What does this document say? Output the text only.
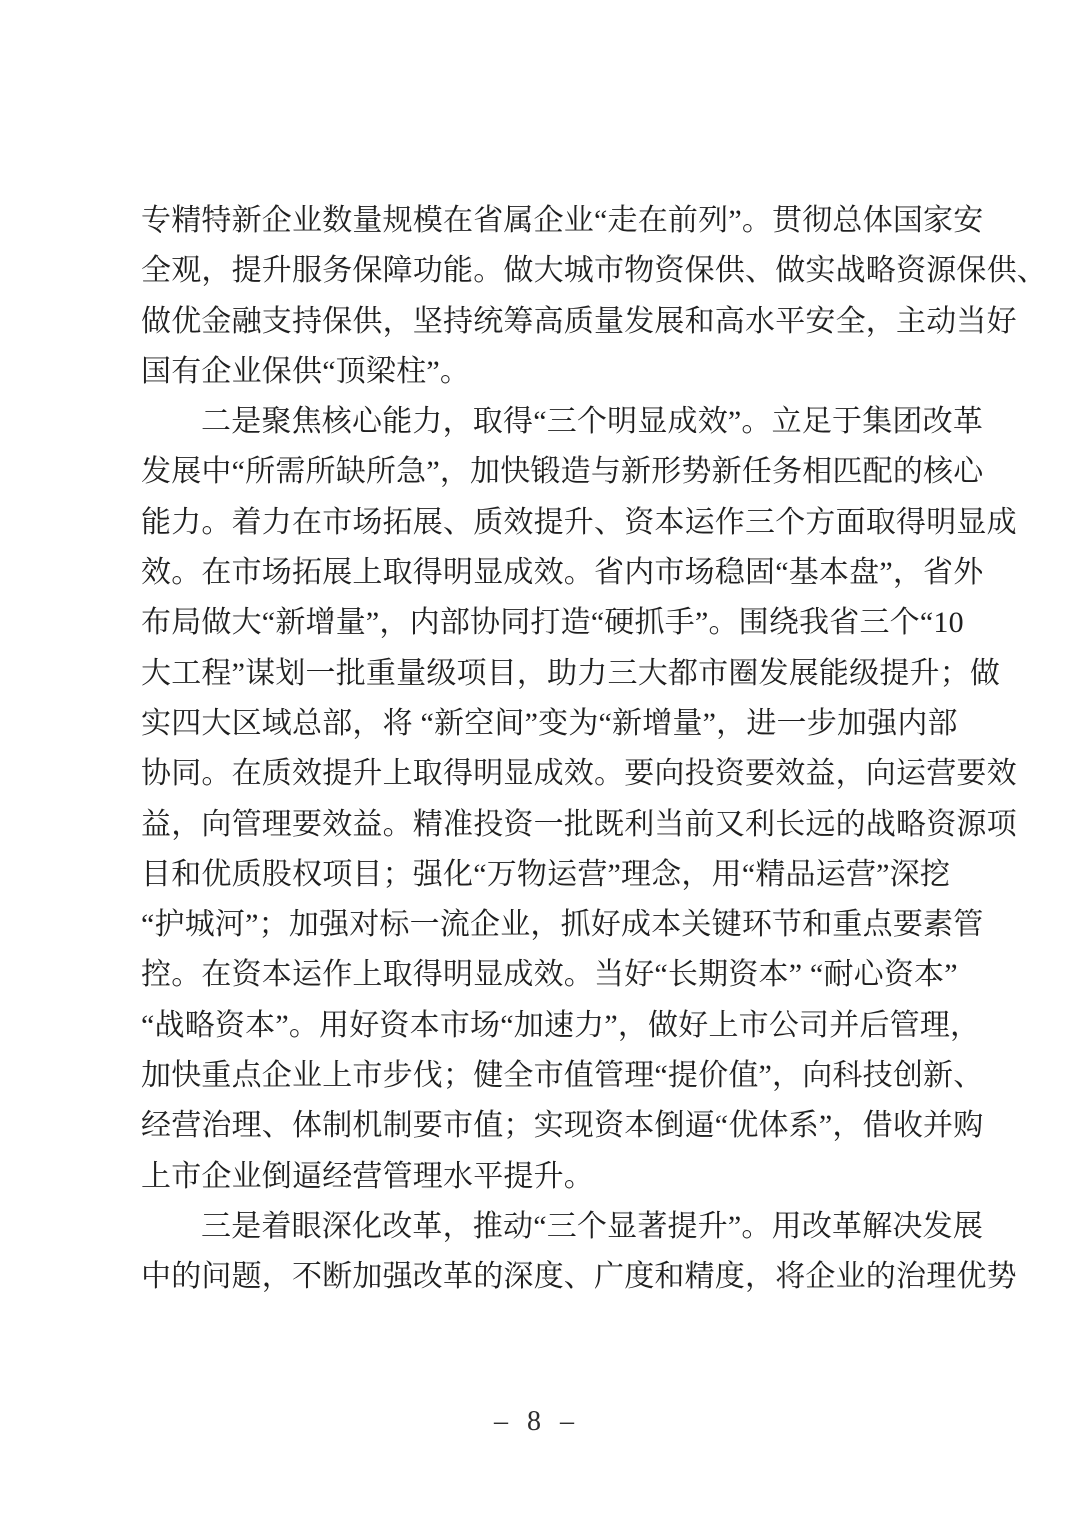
专精特新企业数量规模在省属企业“走在前列”。贯彻总体国家安
全观，提升服务保障功能。做大城市物资保供、做实战略资源保供、
做优金融支持保供，坚持统筹高质量发展和高水平安全，主动当好
国有企业保供“顶梁柱”。
二是聚焦核心能力，取得“三个明显成效”。立足于集团改革
发展中“所需所缺所急”，加快锻造与新形势新任务相匹配的核心
能力。着力在市场拓展、质效提升、资本运作三个方面取得明显成
效。在市场拓展上取得明显成效。省内市场稳固“基本盘”，省外
布局做大“新增量”，内部协同打造“硬抓手”。围绕我省三个“10
大工程”谋划一批重量级项目，助力三大都市圈发展能级提升；做
实四大区域总部，将 “新空间”变为“新增量”，进一步加强内部
协同。在质效提升上取得明显成效。要向投资要效益，向运营要效
益，向管理要效益。精准投资一批既利当前又利长远的战略资源项
目和优质股权项目；强化“万物运营”理念，用“精品运营”深挖
“护城河”；加强对标一流企业，抓好成本关键环节和重点要素管
控。在资本运作上取得明显成效。当好“长期资本” “耐心资本”
“战略资本”。用好资本市场“加速力”，做好上市公司并后管理，
加快重点企业上市步伐；健全市值管理“提价值”，向科技创新、
经营治理、体制机制要市值；实现资本倒逼“优体系”，借收并购
上市企业倒逼经营管理水平提升。
三是着眼深化改革，推动“三个显著提升”。用改革解决发展
中的问题，不断加强改革的深度、广度和精度，将企业的治理优势
– 8 –
